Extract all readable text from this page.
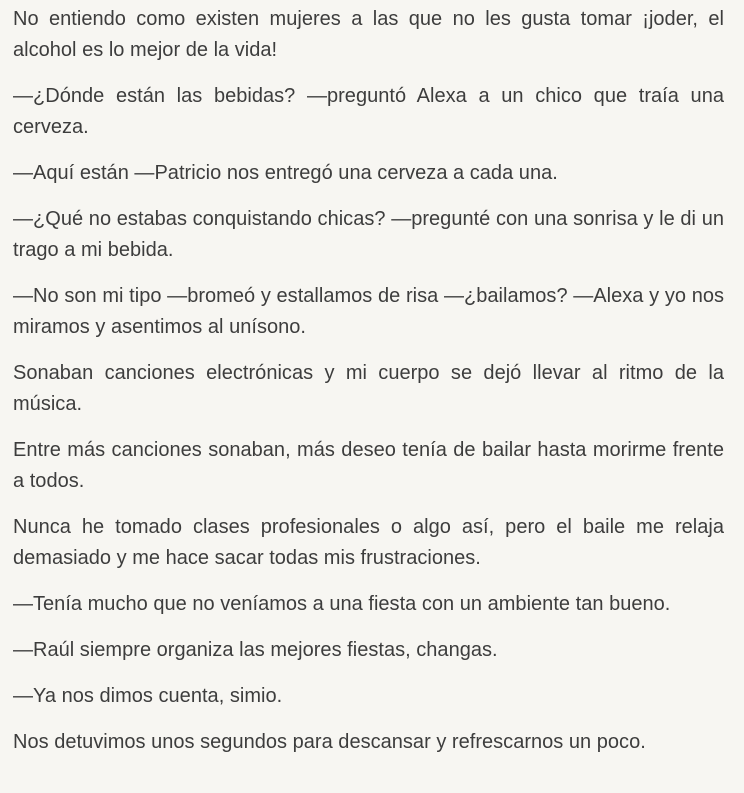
No entiendo como existen mujeres a las que no les gusta tomar ¡joder, el alcohol es lo mejor de la vida!

—¿Dónde están las bebidas? —preguntó Alexa a un chico que traía una cerveza.

—Aquí están —Patricio nos entregó una cerveza a cada una.

—¿Qué no estabas conquistando chicas? —pregunté con una sonrisa y le di un trago a mi bebida.

—No son mi tipo —bromeó y estallamos de risa —¿bailamos? —Alexa y yo nos miramos y asentimos al unísono.

Sonaban canciones electrónicas y mi cuerpo se dejó llevar al ritmo de la música.

Entre más canciones sonaban, más deseo tenía de bailar hasta morirme frente a todos.

Nunca he tomado clases profesionales o algo así, pero el baile me relaja demasiado y me hace sacar todas mis frustraciones.

—Tenía mucho que no veníamos a una fiesta con un ambiente tan bueno.

—Raúl siempre organiza las mejores fiestas, changas.

—Ya nos dimos cuenta, simio.

Nos detuvimos unos segundos para descansar y refrescarnos un poco.
